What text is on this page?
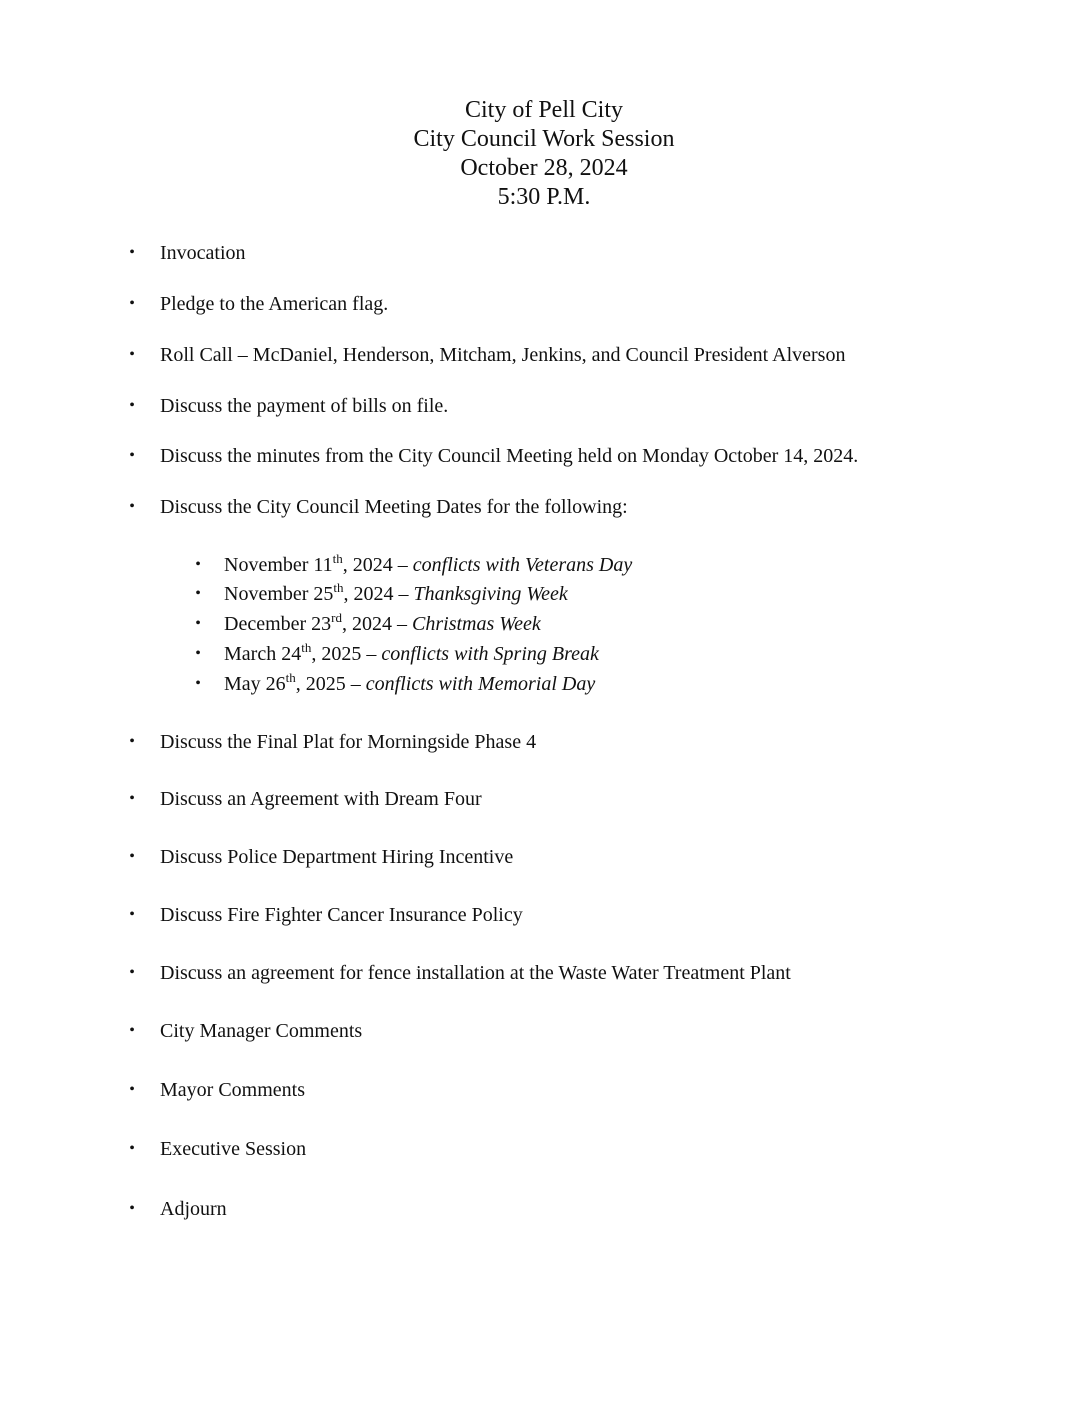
City of Pell City
City Council Work Session
October 28, 2024
5:30 P.M.
• Invocation
• Pledge to the American flag.
• Roll Call – McDaniel, Henderson, Mitcham, Jenkins, and Council President Alverson
• Discuss the payment of bills on file.
• Discuss the minutes from the City Council Meeting held on Monday October 14, 2024.
• Discuss the City Council Meeting Dates for the following:
• November 11th, 2024 – conflicts with Veterans Day
• November 25th, 2024 – Thanksgiving Week
• December 23rd, 2024 – Christmas Week
• March 24th, 2025 – conflicts with Spring Break
• May 26th, 2025 – conflicts with Memorial Day
• Discuss the Final Plat for Morningside Phase 4
• Discuss an Agreement with Dream Four
• Discuss Police Department Hiring Incentive
• Discuss Fire Fighter Cancer Insurance Policy
• Discuss an agreement for fence installation at the Waste Water Treatment Plant
• City Manager Comments
• Mayor Comments
• Executive Session
• Adjourn
